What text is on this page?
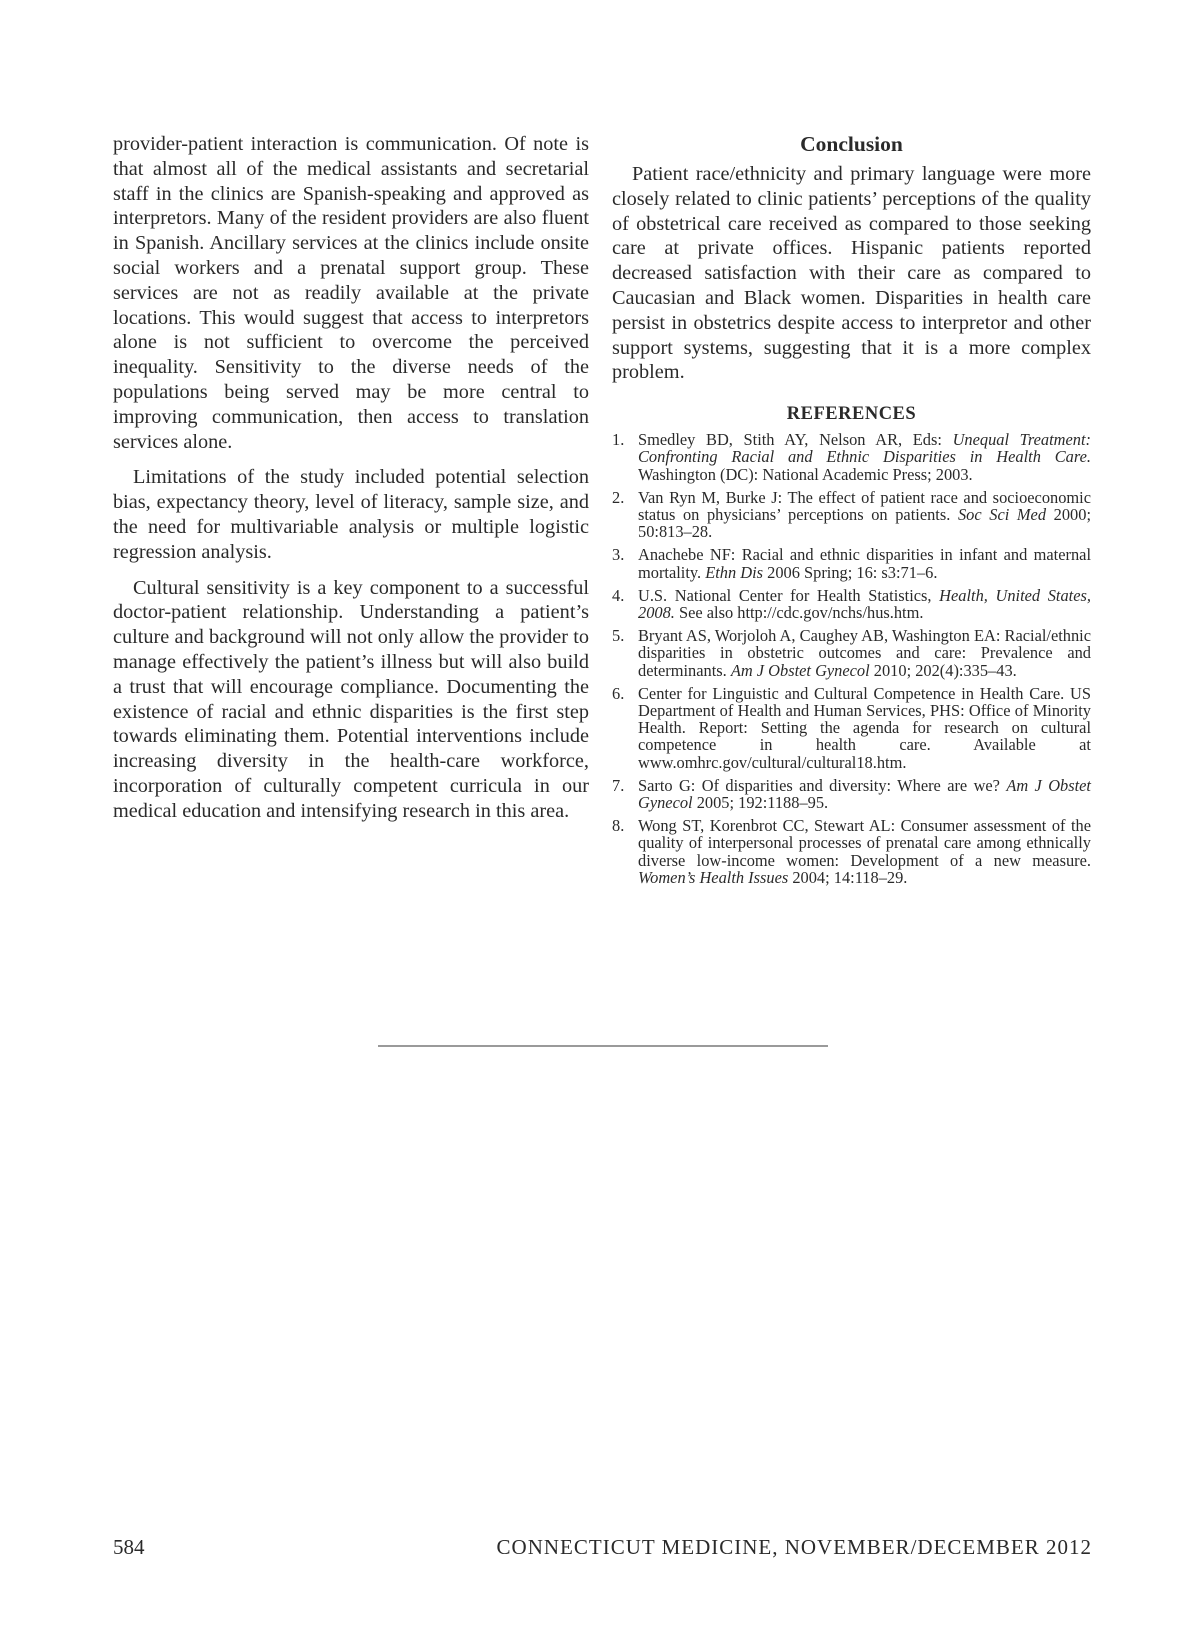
provider-patient interaction is communication. Of note is that almost all of the medical assistants and secretarial staff in the clinics are Spanish-speaking and approved as interpretors. Many of the resident providers are also fluent in Spanish. Ancillary services at the clinics include onsite social workers and a prenatal support group. These services are not as readily available at the private locations. This would suggest that access to interpretors alone is not sufficient to overcome the perceived inequality. Sensitivity to the diverse needs of the populations being served may be more central to improving communication, then access to translation services alone.

Limitations of the study included potential selection bias, expectancy theory, level of literacy, sample size, and the need for multivariable analysis or multiple logistic regression analysis.

Cultural sensitivity is a key component to a successful doctor-patient relationship. Understanding a patient’s culture and background will not only allow the provider to manage effectively the patient’s illness but will also build a trust that will encourage compliance. Documenting the existence of racial and ethnic disparities is the first step towards eliminating them. Potential interventions include increasing diversity in the health-care workforce, incorporation of culturally competent curricula in our medical education and intensifying research in this area.

Conclusion

Patient race/ethnicity and primary language were more closely related to clinic patients’ perceptions of the quality of obstetrical care received as compared to those seeking care at private offices. Hispanic patients reported decreased satisfaction with their care as compared to Caucasian and Black women. Disparities in health care persist in obstetrics despite access to interpretor and other support systems, suggesting that it is a more complex problem.

REFERENCES
1. Smedley BD, Stith AY, Nelson AR, Eds: Unequal Treatment: Confronting Racial and Ethnic Disparities in Health Care. Washington (DC): National Academic Press; 2003.
2. Van Ryn M, Burke J: The effect of patient race and socioeconomic status on physicians’ perceptions on patients. Soc Sci Med 2000; 50:813–28.
3. Anachebe NF: Racial and ethnic disparities in infant and maternal mortality. Ethn Dis 2006 Spring; 16: s3:71–6.
4. U.S. National Center for Health Statistics, Health, United States, 2008. See also http://cdc.gov/nchs/hus.htm.
5. Bryant AS, Worjoloh A, Caughey AB, Washington EA: Racial/ethnic disparities in obstetric outcomes and care: Prevalence and determinants. Am J Obstet Gynecol 2010; 202(4):335–43.
6. Center for Linguistic and Cultural Competence in Health Care. US Department of Health and Human Services, PHS: Office of Minority Health. Report: Setting the agenda for research on cultural competence in health care. Available at www.omhrc.gov/cultural/cultural18.htm.
7. Sarto G: Of disparities and diversity: Where are we? Am J Obstet Gynecol 2005; 192:1188–95.
8. Wong ST, Korenbrot CC, Stewart AL: Consumer assessment of the quality of interpersonal processes of prenatal care among ethnically diverse low-income women: Development of a new measure. Women’s Health Issues 2004; 14:118–29.
584	CONNECTICUT MEDICINE, NOVEMBER/DECEMBER 2012
